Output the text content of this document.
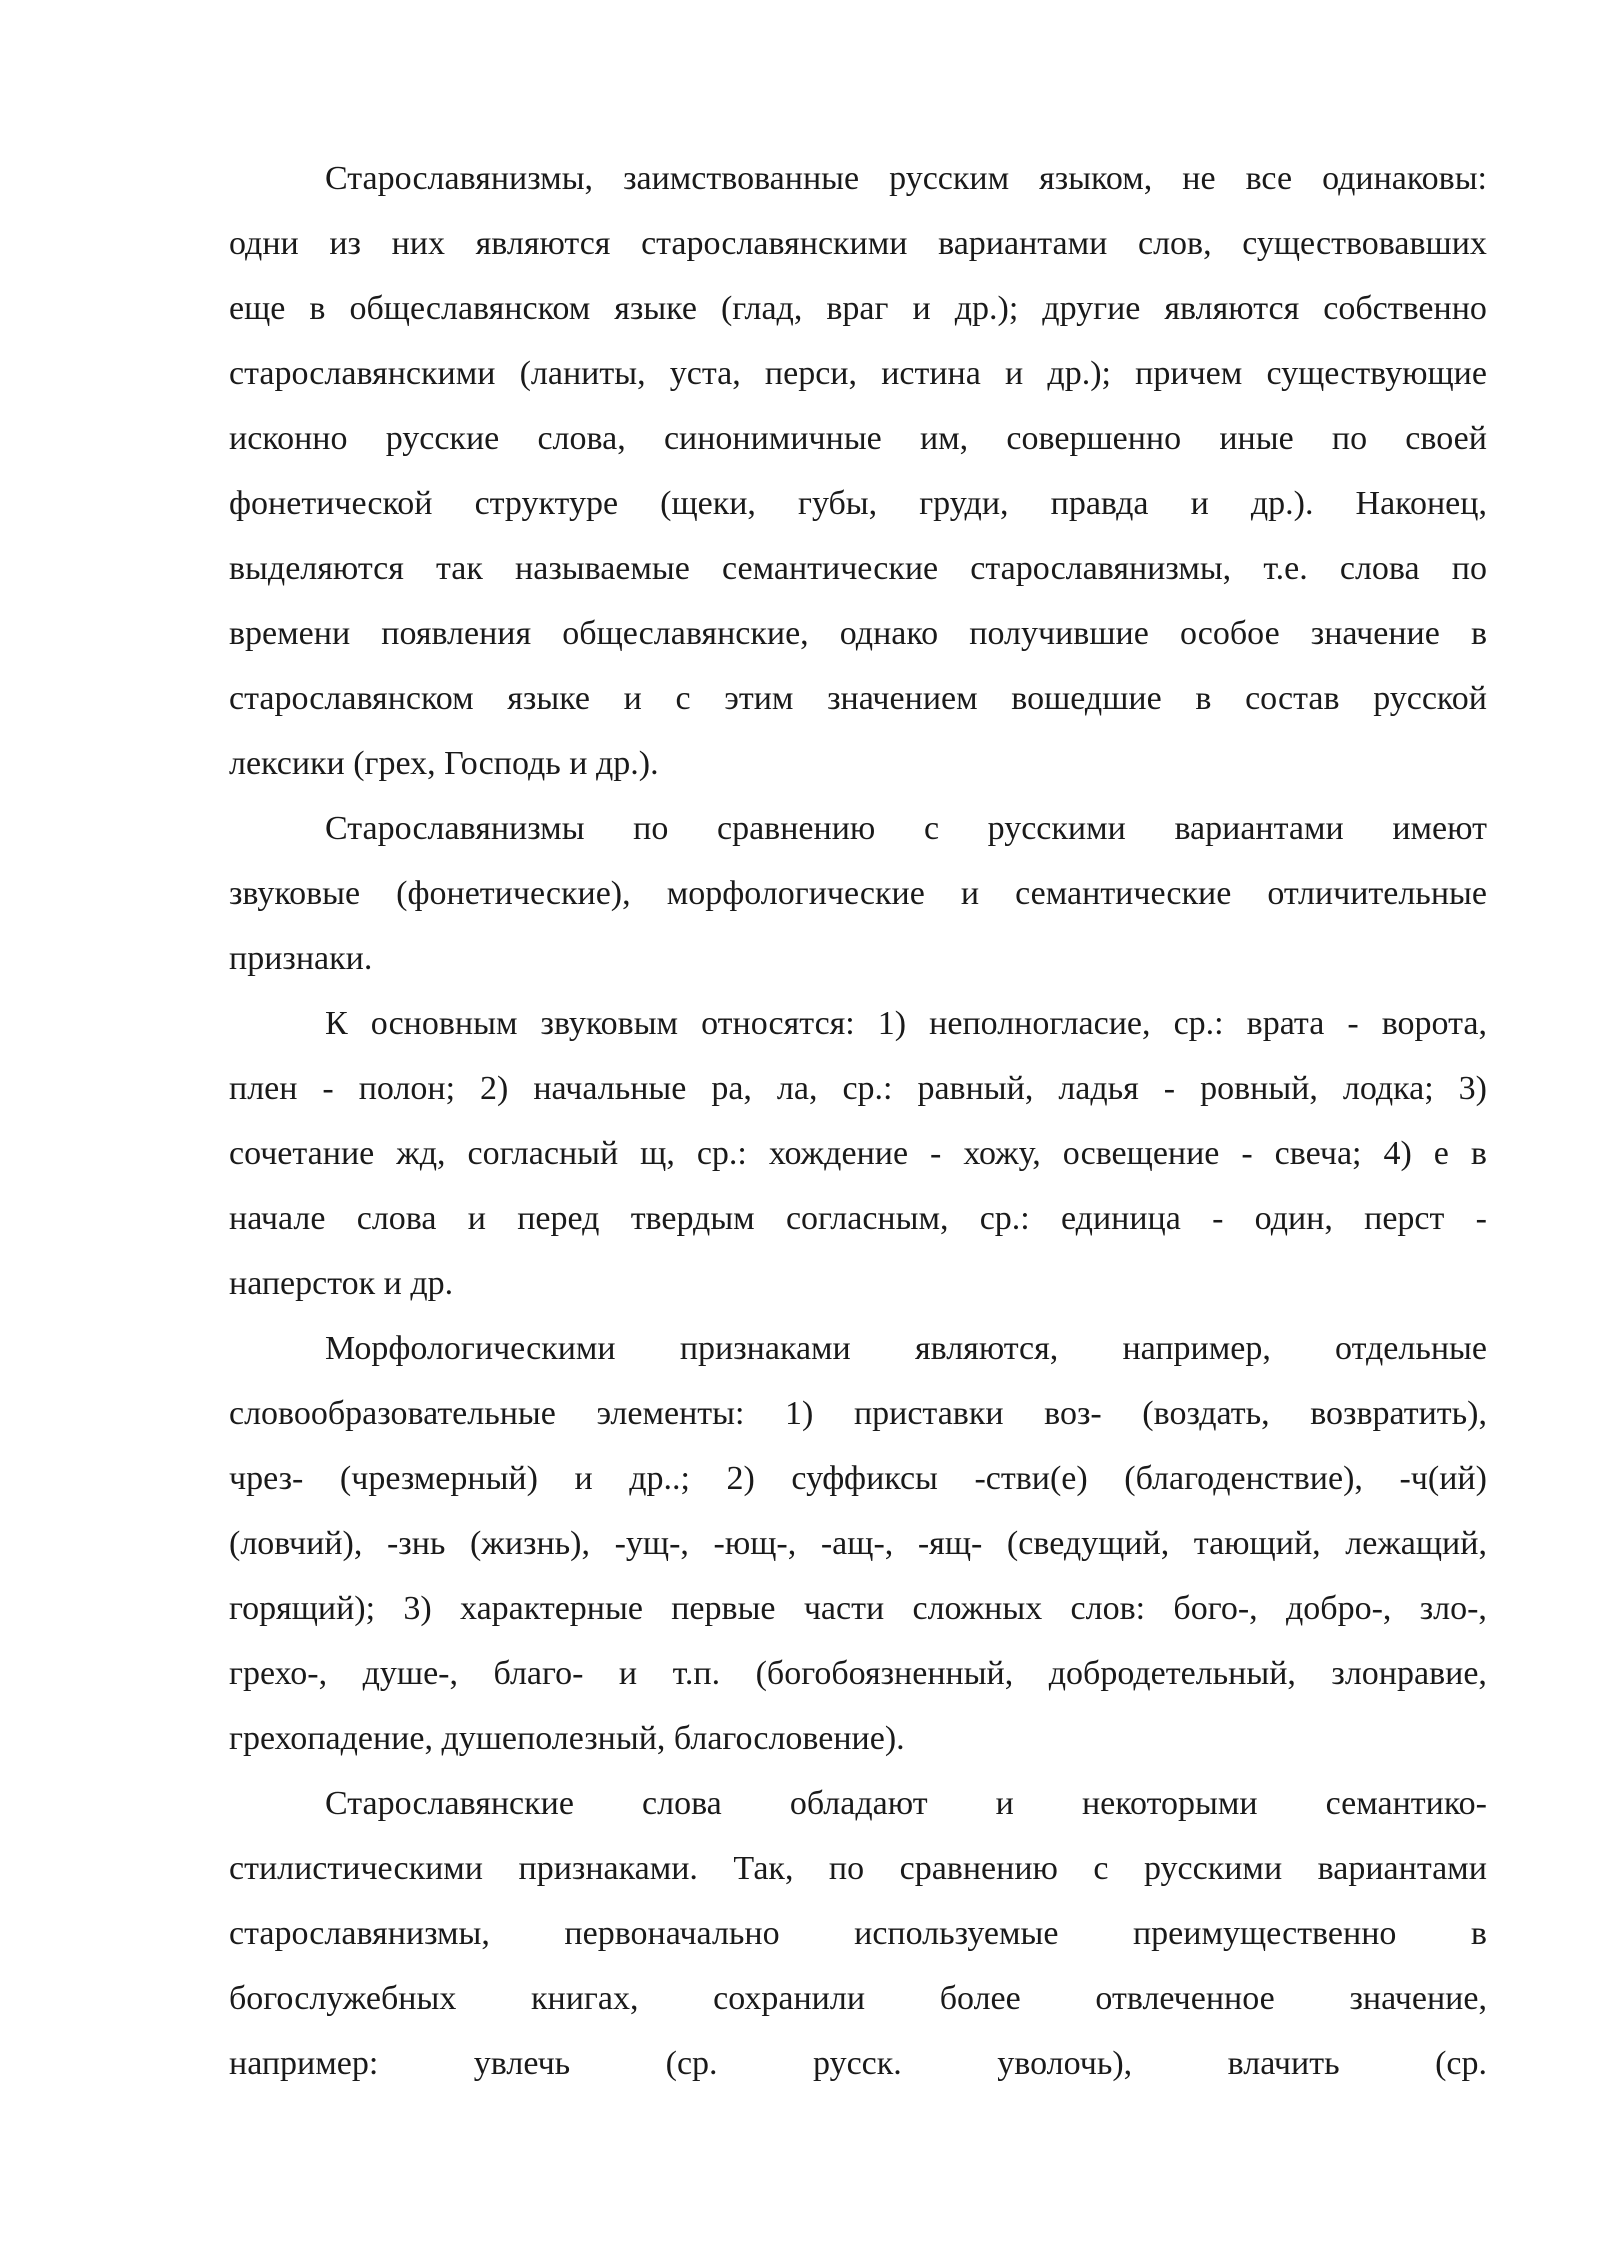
Старославянизмы, заимствованные русским языком, не все одинаковы:
одни из них являются старославянскими вариантами слов, существовавших
еще в общеславянском языке (глад, враг и др.); другие являются собственно
старославянскими (ланиты, уста, перси, истина и др.); причем существующие
исконно русские слова, синонимичные им, совершенно иные по своей
фонетической структуре (щеки, губы, груди, правда и др.). Наконец,
выделяются так называемые семантические старославянизмы, т.е. слова по
времени появления общеславянские, однако получившие особое значение в
старославянском языке и с этим значением вошедшие в состав русской
лексики (грех, Господь и др.).
Старославянизмы по сравнению с русскими вариантами имеют
звуковые (фонетические), морфологические и семантические отличительные
признаки.
К основным звуковым относятся: 1) неполногласие, ср.: врата - ворота,
плен - полон; 2) начальные ра, ла, ср.: равный, ладья - ровный, лодка; 3)
сочетание жд, согласный щ, ср.: хождение - хожу, освещение - свеча; 4) е в
начале слова и перед твердым согласным, ср.: единица - один, перст -
наперсток и др.
Морфологическими признаками являются, например, отдельные
словообразовательные элементы: 1) приставки воз- (воздать, возвратить),
чрез- (чрезмерный) и др..; 2) суффиксы -стви(е) (благоденствие), -ч(ий)
(ловчий), -знь (жизнь), -ущ-, -ющ-, -ащ-, -ящ- (сведущий, тающий, лежащий,
горящий); 3) характерные первые части сложных слов: бого-, добро-, зло-,
грехо-, душе-, благо- и т.п. (богобоязненный, добродетельный, злонравие,
грехопадение, душеполезный, благословение).
Старославянские слова обладают и некоторыми семантико-
стилистическими признаками. Так, по сравнению с русскими вариантами
старославянизмы, первоначально используемые преимущественно в
богослужебных книгах, сохранили более отвлеченное значение,
например:	увлечь	(ср.	русск.	уволочь),	влачить	(ср.
